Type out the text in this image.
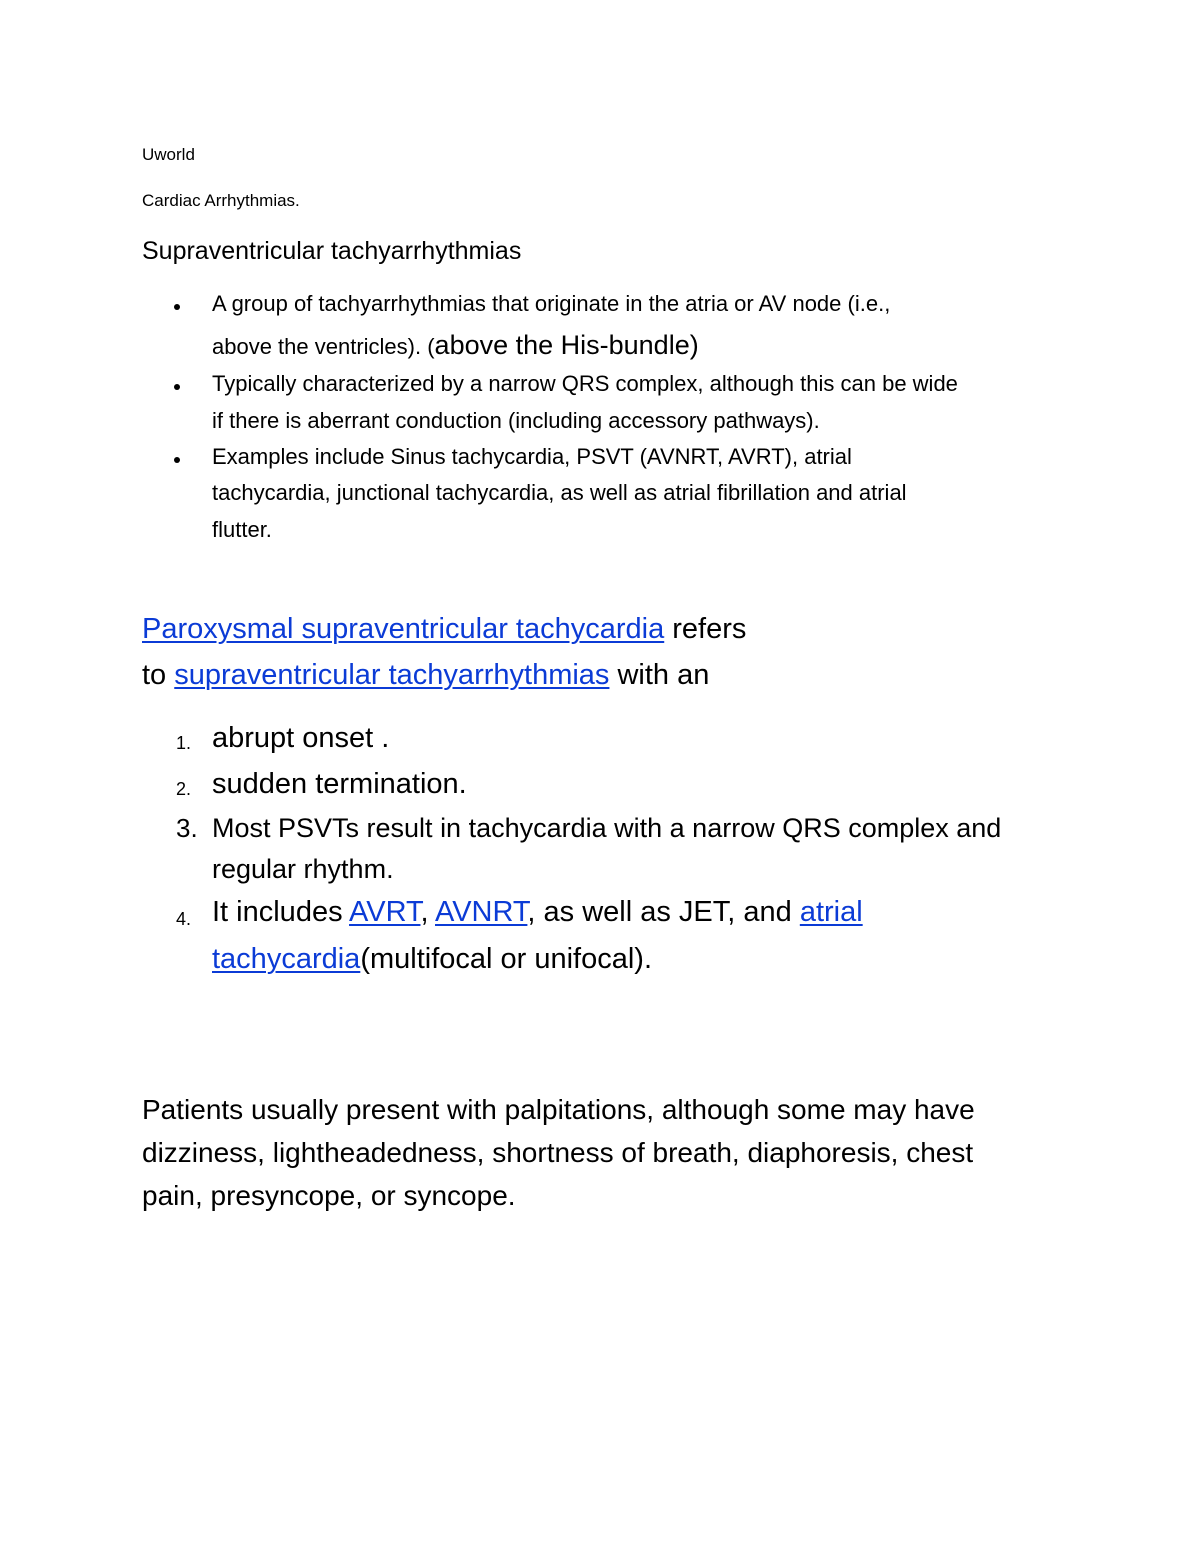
Uworld
Cardiac Arrhythmias.
Supraventricular tachyarrhythmias
A group of tachyarrhythmias that originate in the atria or AV node (i.e.,
above the ventricles). (above the His-bundle)
Typically characterized by a narrow QRS complex, although this can be wide
if there is aberrant conduction (including accessory pathways).
Examples include Sinus tachycardia, PSVT (AVNRT, AVRT), atrial
tachycardia, junctional tachycardia, as well as atrial fibrillation and atrial
flutter.
Paroxysmal supraventricular tachycardia refers
to supraventricular tachyarrhythmias with an
1. abrupt onset .
2. sudden termination.
3. Most PSVTs result in tachycardia with a narrow QRS complex and
regular rhythm.
4. It includes AVRT, AVNRT, as well as JET, and atrial
tachycardia(multifocal or unifocal).
Patients usually present with palpitations, although some may have
dizziness, lightheadedness, shortness of breath, diaphoresis, chest
pain, presyncope, or syncope.
